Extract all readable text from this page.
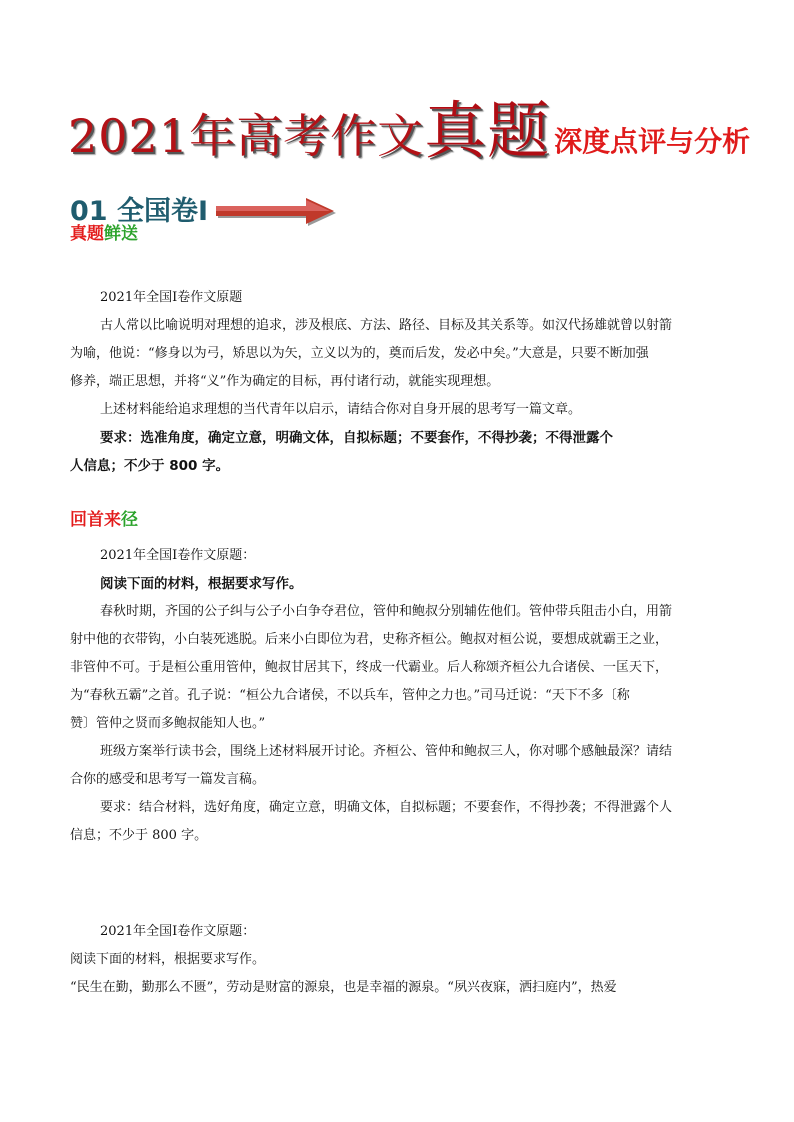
2021年高考作文真题 深度点评与分析
01 全国卷Ⅰ
真题鲜送
2021年全国Ⅰ卷作文原题
古人常以比喻说明对理想的追求，涉及根底、方法、路径、目标及其关系等。如汉代扬雄就曾以射箭
为喻，他说：“修身以为弓，矫思以为矢，立义以为的，奠而后发，发必中矣。”大意是，只要不断加强
修养，端正思想，并将“义”作为确定的目标，再付诸行动，就能实现理想。
上述材料能给追求理想的当代青年以启示，请结合你对自身开展的思考写一篇文章。
要求：选准角度，确定立意，明确文体，自拟标题；不要套作，不得抄袭；不得泄露个
人信息；不少于 800 字。
回首来径
2021年全国Ⅰ卷作文原题：
阅读下面的材料，根据要求写作。
春秋时期，齐国的公子纠与公子小白争夺君位，管仲和鲍叔分别辅佐他们。管仲带兵阻击小白，用箭
射中他的衣带钩，小白装死逃脱。后来小白即位为君，史称齐桓公。鲍叔对桓公说，要想成就霸王之业，
非管仲不可。于是桓公重用管仲，鲍叔甘居其下，终成一代霸业。后人称颂齐桓公九合诸侯、一匡天下，
为“春秋五霸”之首。孔子说：“桓公九合诸侯，不以兵车，管仲之力也。”司马迁说：“天下不多〔称
赞〕管仲之贤而多鲍叔能知人也。”
班级方案举行读书会，围绕上述材料展开讨论。齐桓公、管仲和鲍叔三人，你对哪个感触最深？请结
合你的感受和思考写一篇发言稿。
要求：结合材料，选好角度，确定立意，明确文体，自拟标题；不要套作，不得抄袭；不得泄露个人
信息；不少于 800 字。
2021年全国Ⅰ卷作文原题：
阅读下面的材料，根据要求写作。
“民生在勤，勤那么不匮”，劳动是财富的源泉，也是幸福的源泉。“夙兴夜寐，洒扫庭内”，热爱
